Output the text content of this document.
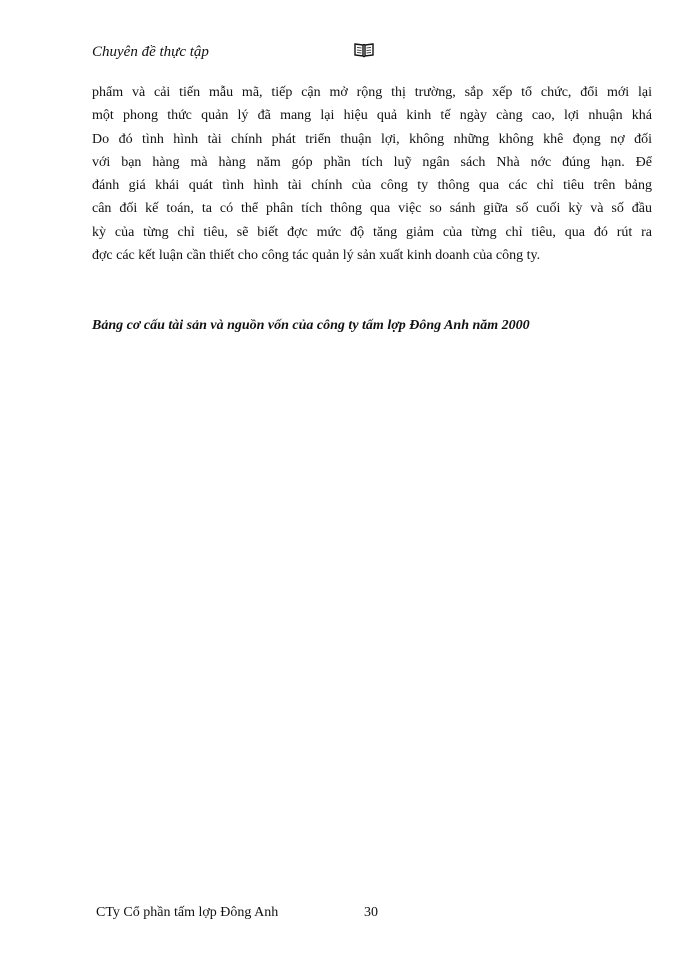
Chuyên đề thực tập
phẩm và cải tiến mẫu mã, tiếp cận mở rộng thị trường, sắp xếp tổ chức, đổi mới lại
một phong thức quản lý đã mang lại hiệu quả kinh tế ngày càng cao, lợi nhuận khá
Do đó tình hình tài chính phát triển thuận lợi, không những không khê đọng nợ đối
với bạn hàng mà hàng năm góp phần tích luỹ ngân sách Nhà nớc đúng hạn. Để
đánh giá khái quát tình hình tài chính của công ty thông qua các chỉ tiêu trên bảng
cân đối kế toán, ta có thể phân tích thông qua việc so sánh giữa số cuối kỳ và số đầu
kỳ của từng chỉ tiêu, sẽ biết đợc mức độ tăng giảm của từng chỉ tiêu, qua đó rút ra
đợc các kết luận cần thiết cho công tác quản lý sản xuất kinh doanh của công ty.

Bảng cơ cấu tài sản và nguồn vốn của công ty tấm lợp Đông Anh năm 2000

CTy Cổ phần tấm lợp Đông Anh	30
